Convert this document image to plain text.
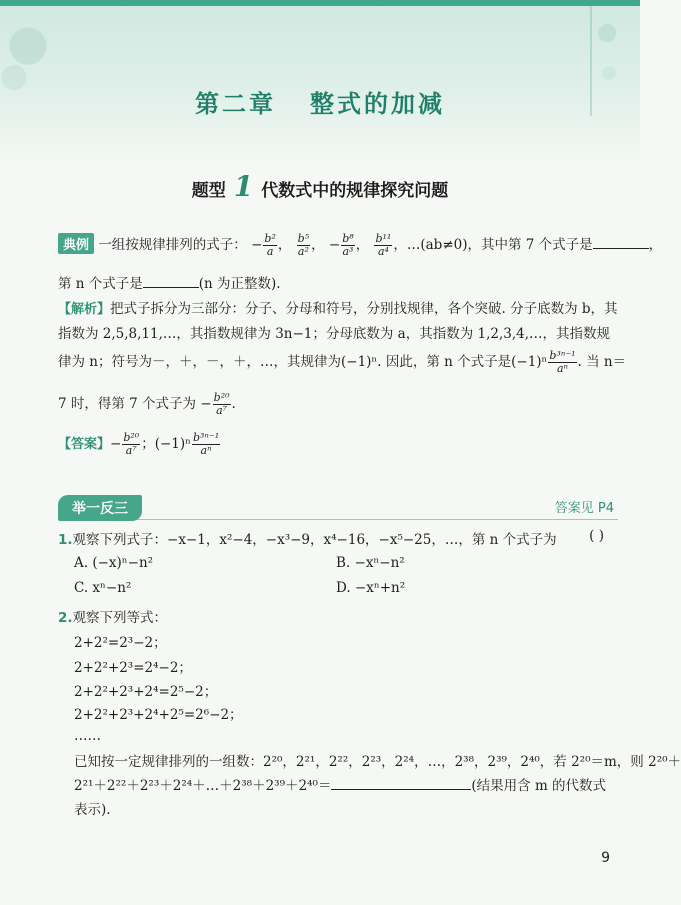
第二章   整式的加减
题型 1 代数式中的规律探究问题
典例 一组按规律排列的式子： − $\frac{\text{b²}}{a}$ ， $\frac{\text{b⁵}}{\text{a²}}$ ， − $\frac{\text{b⁸}}{\text{a³}}$ ， $\frac{\text{b¹¹}}{\text{a⁴}}$ ，…(ab≠0)，其中第 7 个式子是	，
第 n 个式子是	(n 为正整数).
【解析】把式子拆分为三部分：分子、分母和符号，分别找规律，各个突破. 分子底数为 b，其
指数为 2,5,8,11,…，其指数规律为 3n−1；分母底数为 a，其指数为 1,2,3,4,…，其指数规
律为 n；符号为－，＋，－，＋，…，其规律为(−1)ⁿ. 因此，第 n 个式子是$(-1)^n \frac{\text{b³ⁿ⁻¹}}{\text{aⁿ}}$ . 当 n＝
7 时，得第 7 个式子为 − $\frac{\text{b²⁰}}{\text{a⁷}}$ .
【答案】− $\frac{\text{b²⁰}}{\text{a⁷}}$ ；$(-1)^n \frac{\text{b³ⁿ⁻¹}}{\text{aⁿ}}$
举一反三	答案见 P4
1.观察下列式子：−x−1，x²−4，−x³−9，x⁴−16，−x⁵−25，…，第 n 个式子为 ( )
A. (−x)ⁿ−n²	B. −xⁿ−n²
C. xⁿ−n²	D. −xⁿ+n²
2.观察下列等式：
2+2²=2³−2；
2+2²+2³=2⁴−2；
2+2²+2³+2⁴=2⁵−2；
2+2²+2³+2⁴+2⁵=2⁶−2；
……
已知按一定规律排列的一组数：2²⁰，2²¹，2²²，2²³，2²⁴，…，2³⁸，2³⁹，2⁴⁰，若 2²⁰＝m，则 2²⁰＋
2²¹＋2²²＋2²³＋2²⁴＋…＋2³⁸＋2³⁹＋2⁴⁰＝	(结果用含 m 的代数式
表示).
9
